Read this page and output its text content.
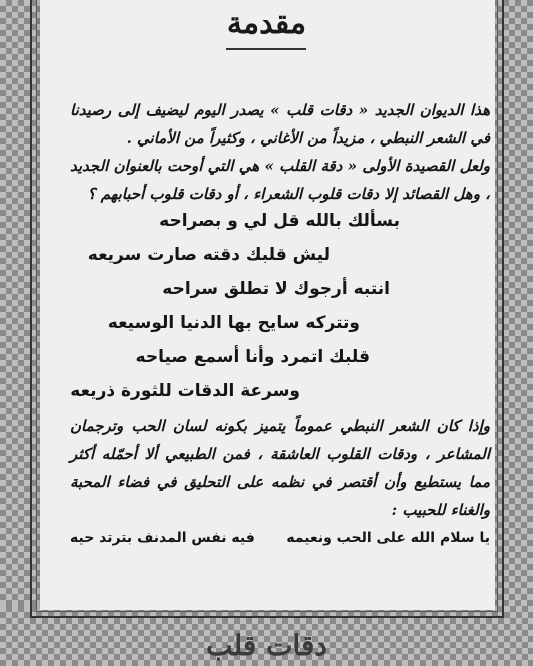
مقدمة

هذا الديوان الجديد « دقات قلب » يصدر اليوم ليضيف إلى رصيدنا في الشعر النبطي ، مزيداً من الأغاني ، وكثيراً من الأماني .

ولعل القصيدة الأولى « دقة القلب » هي التي أوحت بالعنوان الجديد ، وهل القصائد إلا دقات قلوب الشعراء ، أو دقات قلوب أحبابهم ؟

بسألك بالله قل لي و بصراحه
ليش قلبك دقته صارت سريعه
انتبه أرجوك لا تطلق سراحه
وتتركه سايح بها الدنيا الوسيعه
قلبك اتمرد وأنا أسمع صياحه
وسرعة الدقات للثورة ذريعه

وإذا كان الشعر النبطي عموماً يتميز بكونه لسان الحب وترجمان المشاعر ، ودقات القلوب العاشقة ، فمن الطبيعي ألا أحمّله أكثر مما يستطيع وأن أقتصر في نظمه على التحليق في فضاء المحبة والغناء للحبيب :

يا سلام الله على الحب ونعيمه
فيه نفس المدنف بترتد حيه
دقات قلب
